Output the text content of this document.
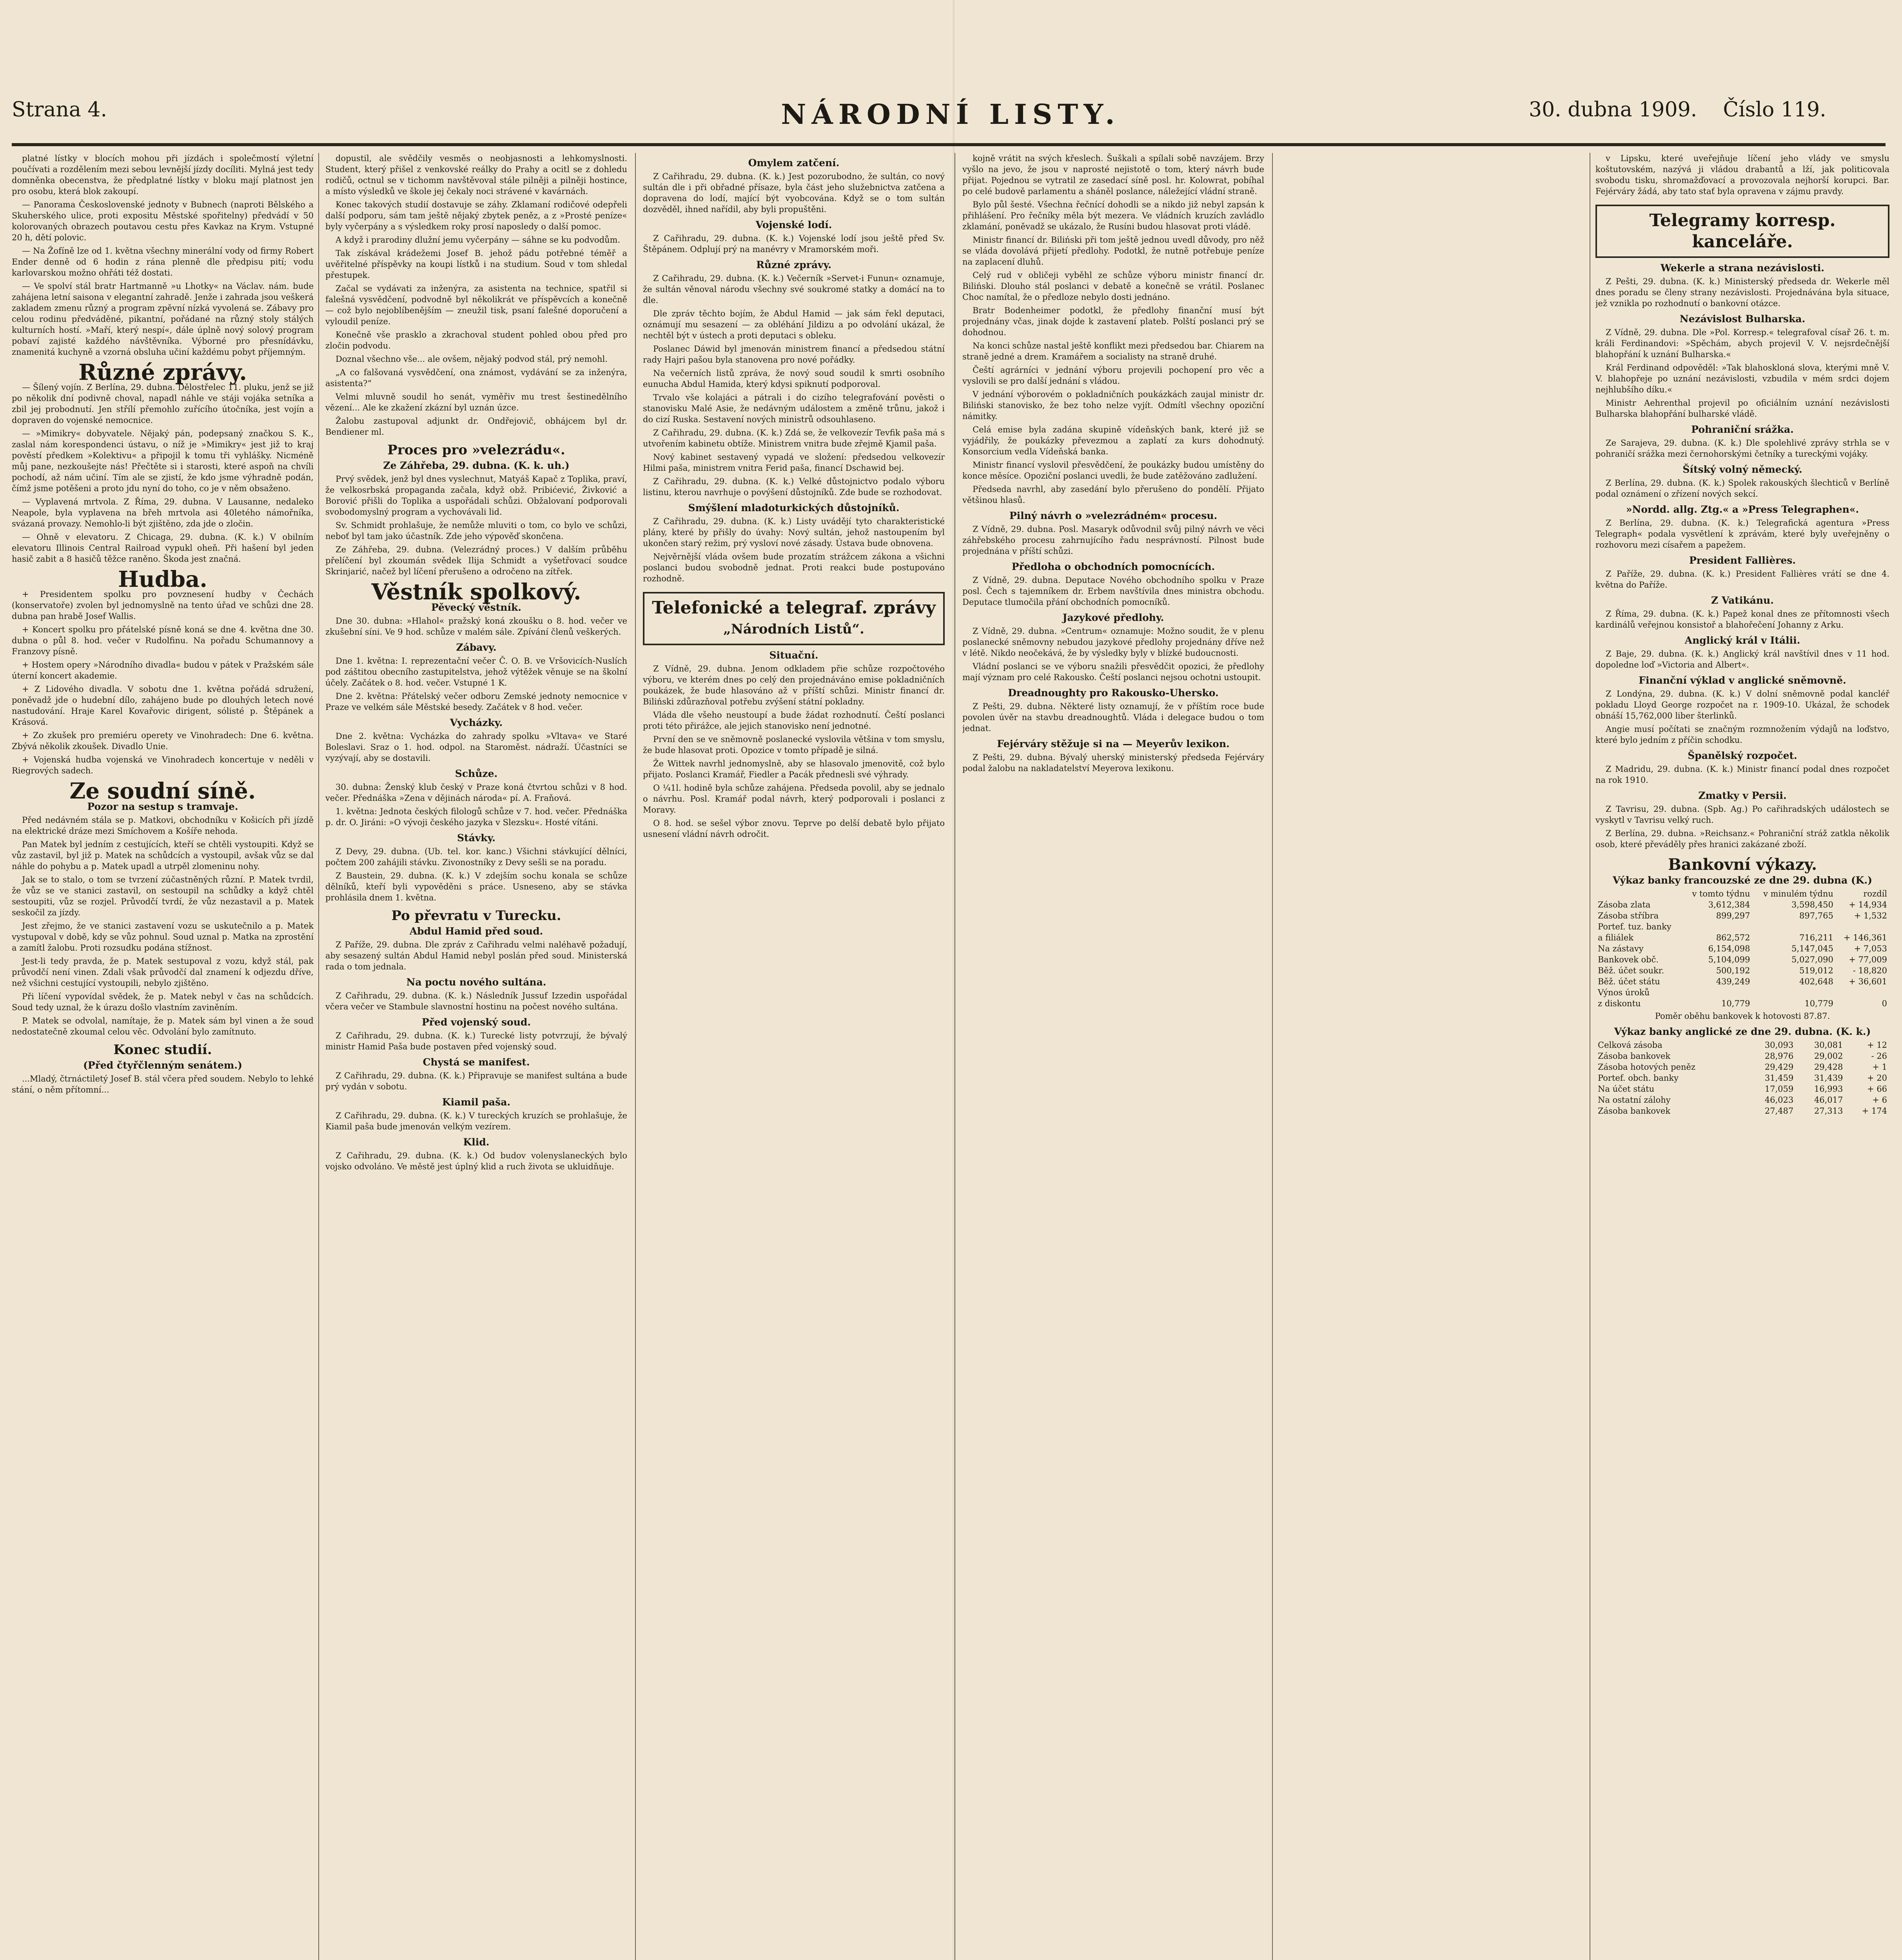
Strana 4.	NÁRODNÍ LISTY.	30. dubna 1909. Číslo 119.

platné lístky v blocích mohou při jízdách i společmostí výletní poučívati a rozdělením mezi sebou levnější jízdy docíliti. Mylná jest tedy domněnka obecenstva, že předplatné lístky v bloku mají platnost jen pro osobu, která blok zakoupí.

— Panorama Československé jednoty v Bubnech (naproti Bělského a Skuherského ulice, proti expositu Městské spořitelny) předvádí v 50 kolorovaných obrazech poutavou cestu přes Kavkaz na Krym. Vstupné 20 h, dětí polovic.

— Na Žofíně lze od 1. května všechny minerální vody od firmy Robert Ender denně od 6 hodin z rána plenně dle předpisu pití; vodu karlovarskou možno ohřáti též dostati.

— Ve spolví stál bratr Hartmanně »u Lhotky« na Václav. nám. bude zahájena letní saisona v elegantní zahradě. Jenže i zahrada jsou veškerá zakladem zmenu různý a program zpěvní nízká vyvolená se. Zábavy pro celou rodinu předváděné, pikantní, pořádané na různý stoly stálých kulturních hostí. »Maří, který nespí«, dále úplně nový solový program pobaví zajisté každého návštěvníka. Výborné pro přesnídávku, znamenitá kuchyně a vzorná obsluha učiní každému pobyt příjemným.

Různé zprávy.

— Šílený vojín. Z Berlína, 29. dubna. Dělostřelec 11. pluku, jenž se již po několik dní podivně choval, napadl náhle ve stáji vojáka setníka a zbil jej probodnutí. Jen střílí přemohlo zuřícího útočníka, jest vojín a dopraven do vojenské nemocnice.

— »Mimikry« dobyvatele. Nějaký pán, podepsaný značkou S. K., zaslal nám korespondenci ústavu, o níž je »Mimikry« jest již to kraj pověstí předkem »Kolektivu« a připojil k tomu tři vyhlášky. Nicméně můj pane, nezkoušejte nás! Přečtěte si i starosti, které aspoň na chvíli pochodí, až nám učiní. Tím ale se zjistí, že kdo jsme výhradně podán, čímž jsme potěšeni a proto jdu nyní do toho, co je v něm obsaženo.

— Vyplavená mrtvola. Z Říma, 29. dubna. V Lausanne, nedaleko Neapole, byla vyplavena na břeh mrtvola asi 40letého námořníka, svázaná provazy. Nemohlo-li být zjištěno, zda jde o zločin.

— Ohně v elevatoru. Z Chicaga, 29. dubna. (K. k.) V obilním elevatoru Illinois Central Railroad vypukl oheň. Při hašení byl jeden hasič zabit a 8 hasičů těžce raněno. Škoda jest značná.

Hudba.

+ Presidentem spolku pro povznesení hudby v Čechách (konservatoře) zvolen byl jednomyslně na tento úřad ve schůzi dne 28. dubna pan hrabě Josef Wallis.

+ Koncert spolku pro přátelské písně koná se dne 4. května dne 30. dubna o půl 8. hod. večer v Rudolfinu. Na pořadu Schumannovy a Franzovy písně.

+ Hostem opery »Národního divadla« budou v pátek v Pražském sále úterní koncert akademie.

+ Z Lidového divadla. V sobotu dne 1. května pořádá sdružení, poněvadž jde o hudební dílo, zahájeno bude po dlouhých letech nové nastudování. Hraje Karel Kovařovic dirigent, sólisté p. Štěpánek a Krásová.

+ Zo zkušek pro premiéru operety ve Vinohradech: Dne 6. května. Zbývá několik zkoušek. Divadlo Unie.

+ Vojenská hudba vojenská ve Vinohradech koncertuje v neděli v Riegrových sadech.

Ze soudní síně.
Pozor na sestup s tramvaje.

Před nedávném stála se p. Matkovi, obchodníku v Košicích při jízdě na elektrické dráze mezi Smíchovem a Košíře nehoda.

Pan Matek byl jedním z cestujících, kteří se chtěli vystoupiti. Když se vůz zastavil, byl již p. Matek na schůdcích a vystoupil, avšak vůz se dal náhle do pohybu a p. Matek upadl a utrpěl zlomeninu nohy.

Jak se to stalo, o tom se tvrzení zúčastněných různí. P. Matek tvrdil, že vůz se ve stanici zastavil, on sestoupil na schůdky a když chtěl sestoupiti, vůz se rozjel. Průvodčí tvrdí, že vůz nezastavil a p. Matek seskočil za jízdy.

Jest zřejmo, že ve stanici zastavení vozu se uskutečnilo a p. Matek vystupoval v době, kdy se vůz pohnul. Soud uznal p. Matka na zprostění a zamítl žalobu. Proti rozsudku podána stížnost.

Jest-li tedy pravda, že p. Matek sestupoval z vozu, když stál, pak průvodčí není vinen. Zdali však průvodčí dal znamení k odjezdu dříve, než všichni cestující vystoupili, nebylo zjištěno.

Při líčení vypovídal svědek, že p. Matek nebyl v čas na schůdcích. Soud tedy uznal, že k úrazu došlo vlastním zaviněním.

P. Matek se odvolal, namítaje, že p. Matek sám byl vinen a že soud nedostatečně zkoumal celou věc. Odvolání bylo zamítnuto.

Konec studií.
(Před čtyřčlenným senátem.)

...Mladý, čtrnáctiletý Josef B. stál včera před soudem. Nebylo to lehké stání, o něm přítomní...

dopustil, ale svědčily vesměs o neobjasnosti a lehkomyslnosti. Student, který přišel z venkovské reálky do Prahy a ocitl se z dohledu rodičů, octnul se v tichomm navštěvoval stále pilněji a pilněji hostince, a místo výsledků ve škole jej čekaly noci strávené v kavárnách.

Konec takových studií dostavuje se záhy. Zklamaní rodičové odepřeli další podporu, sám tam ještě nějaký zbytek peněz, a z »Prosté peníze« byly vyčerpány a s výsledkem roky prosí naposledy o další pomoc.

A když i prarodiny dlužní jemu vyčerpány — sáhne se ku podvodům.

Tak získával krádežemi Josef B. jehož pádu potřebné téměř a uvěřitelné příspěvky na koupi lístků i na studium. Soud v tom shledal přestupek.

Začal se vydávati za inženýra, za asistenta na technice, spatřil si falešná vysvědčení, podvodně byl několikrát ve příspěvcích a konečně — což bylo nejoblíbenějším — zneužil tisk, psaní falešné doporučení a vyloudil peníze.

Konečně vše prasklo a zkrachoval student pohled obou před pro zločin podvodu.

Doznal všechno vše... ale ovšem, nějaký podvod stál, prý nemohl.

„A co falšovaná vysvědčení, ona známost, vydávání se za inženýra, asistenta?“

Velmi mluvně soudil ho senát, vyměřiv mu trest šestinedělního vězení... Ale ke zkažení zkázní byl uznán úzce.

Žalobu zastupoval adjunkt dr. Ondřejovič, obhájcem byl dr. Bendiener ml.

Proces pro »velezrádu«.
Ze Záhřeba, 29. dubna. (K. k. uh.)

Prvý svědek, jenž byl dnes vyslechnut, Matyáš Kapač z Toplika, praví, že velkosrbská propaganda začala, když obž. Pribićević, Živković a Borović přišli do Toplika a uspořádali schůzi. Obžalovaní podporovali svobodomyslný program a vychovávali lid.

Sv. Schmidt prohlašuje, že nemůže mluviti o tom, co bylo ve schůzi, neboť byl tam jako účastník. Zde jeho výpověď skončena.

Ze Záhřeba, 29. dubna. (Velezrádný proces.) V dalším průběhu přelíčení byl zkoumán svědek Ilija Schmidt a vyšetřovací soudce Skrinjarić, načež byl líčení přerušeno a odročeno na zítřek.

Věstník spolkový.
Pěvecký věstník.

Dne 30. dubna: »Hlahol« pražský koná zkoušku o 8. hod. večer ve zkušební síni. Ve 9 hod. schůze v malém sále. Zpívání členů veškerých.

Zábavy.

Dne 1. května: I. reprezentační večer Č. O. B. ve Vršovicích-Nuslích pod záštitou obecního zastupitelstva, jehož výtěžek věnuje se na školní účely. Začátek o 8. hod. večer. Vstupné 1 K.

Dne 2. května: Přátelský večer odboru Zemské jednoty nemocnice v Praze ve velkém sále Městské besedy. Začátek v 8 hod. večer.

Vycházky.

Dne 2. května: Vycházka do zahrady spolku »Vltava« ve Staré Boleslavi. Sraz o 1. hod. odpol. na Staroměst. nádraží. Účastníci se vyzývají, aby se dostavili.

Schůze.

30. dubna: Ženský klub český v Praze koná čtvrtou schůzi v 8 hod. večer. Přednáška »Zena v dějinách národa« pí. A. Fraňová.

1. května: Jednota českých filologů schůze v 7. hod. večer. Přednáška p. dr. O. Jiráni: »O vývoji českého jazyka v Slezsku«. Hosté vítáni.

Stávky.

Z Devy, 29. dubna. (Ub. tel. kor. kanc.) Všichni stávkující dělníci, počtem 200 zahájili stávku. Zivonostníky z Devy sešli se na poradu.

Z Baustein, 29. dubna. (K. k.) V zdejším sochu konala se schůze dělníků, kteří byli vypověděni s práce. Usneseno, aby se stávka prohlásila dnem 1. května.

Po převratu v Turecku.
Abdul Hamid před soud.

Z Paříže, 29. dubna. Dle zpráv z Cařihradu velmi naléhavě požadují, aby sesazený sultán Abdul Hamid nebyl poslán před soud. Ministerská rada o tom jednala.

Na poctu nového sultána.

Z Cařihradu, 29. dubna. (K. k.) Následník Jussuf Izzedin uspořádal včera večer ve Stambule slavnostní hostinu na počest nového sultána.

Před vojenský soud.

Z Cařihradu, 29. dubna. (K. k.) Turecké listy potvrzují, že bývalý ministr Hamid Paša bude postaven před vojenský soud.

Chystá se manifest.

Z Cařihradu, 29. dubna. (K. k.) Připravuje se manifest sultána a bude prý vydán v sobotu.

Kiamil paša.

Z Cařihradu, 29. dubna. (K. k.) V tureckých kruzích se prohlašuje, že Kiamil paša bude jmenován velkým vezírem.

Klid.

Z Cařihradu, 29. dubna. (K. k.) Od budov volenyslaneckých bylo vojsko odvoláno. Ve městě jest úplný klid a ruch života se ukluidňuje.

Omylem zatčení.

Z Cařihradu, 29. dubna. (K. k.) Jest pozorubodno, že sultán, co nový sultán dle i při obřadné přísaze, byla část jeho služebnictva zatčena a dopravena do lodí, mající být vyobcována. Když se o tom sultán dozvěděl, ihned nařídil, aby byli propuštěni.

Vojenské lodí.

Z Cařihradu, 29. dubna. (K. k.) Vojenské lodí jsou ještě před Sv. Štěpánem. Odplují prý na manévry v Mramorském moři.

Různé zprávy.

Z Cařihradu, 29. dubna. (K. k.) Večerník »Servet-i Funun« oznamuje, že sultán věnoval národu všechny své soukromé statky a domácí na to dle.

Dle zpráv těchto bojím, že Abdul Hamid — jak sám řekl deputaci, oznámují mu sesazení — za obléhání Jildizu a po odvolání ukázal, že nechtěl být v ústech a proti deputaci s obleku.

Poslanec Dáwid byl jmenován ministrem financí a předsedou státní rady Hajri pašou byla stanovena pro nové pořádky.

Na večerních listů zpráva, že nový soud soudil k smrti osobního eunucha Abdul Hamida, který kdysi spiknutí podporoval.

Trvalo vše kolajáci a pátrali i do cizího telegrafování pověsti o stanovisku Malé Asie, že nedávným událostem a změně trůnu, jakož i do cizí Ruska. Sestavení nových ministrů odsouhlaseno.

Z Cařihradu, 29. dubna. (K. k.) Zdá se, že velkovezír Tevfik paša má s utvořením kabinetu obtíže. Ministrem vnitra bude zřejmě Kjamil paša.

Nový kabinet sestavený vypadá ve složení: předsedou velkovezír Hilmi paša, ministrem vnitra Ferid paša, financí Dschawid bej.

Z Cařihradu, 29. dubna. (K. k.) Velké důstojnictvo podalo výboru listinu, kterou navrhuje o povýšení důstojníků. Zde bude se rozhodovat.

Smýšlení mladoturkických důstojníků.

Z Cařihradu, 29. dubna. (K. k.) Listy uvádějí tyto charakteristické plány, které by přišly do úvahy: Nový sultán, jehož nastoupením byl ukončen starý režim, prý vysloví nové zásady. Ústava bude obnovena.

Nejvěrnější vláda ovšem bude prozatím strážcem zákona a všichni poslanci budou svobodně jednat. Proti reakci bude postupováno rozhodně.

Telefonické a telegraf. zprávy
„Národních Listů“.
Situační.

Z Vídně, 29. dubna. Jenom odkladem přie schůze rozpočtového výboru, ve kterém dnes po celý den projednáváno emise pokladničních poukázek, že bude hlasováno až v příští schůzi. Ministr financí dr. Biliński zdůrazňoval potřebu zvýšení státní pokladny.

Vláda dle všeho neustoupí a bude žádat rozhodnutí. Čeští poslanci proti této přirážce, ale jejich stanovisko není jednotné.

První den se ve sněmovně poslanecké vyslovila většina v tom smyslu, že bude hlasovat proti. Opozice v tomto případě je silná.

Že Wittek navrhl jednomyslně, aby se hlasovalo jmenovitě, což bylo přijato. Poslanci Kramář, Fiedler a Pacák přednesli své výhrady.

O ¼1l. hodině byla schůze zahájena. Předseda povolil, aby se jednalo o návrhu. Posl. Kramář podal návrh, který podporovali i poslanci z Moravy.

O 8. hod. se sešel výbor znovu. Teprve po delší debatě bylo přijato usnesení vládní návrh odročit.

kojně vrátit na svých křeslech. Šuškali a spílali sobě navzájem. Brzy vyšlo na jevo, že jsou v naprosté nejistotě o tom, který návrh bude přijat. Pojednou se vytratil ze zasedací síně posl. hr. Kolowrat, pobíhal po celé budově parlamentu a sháněl poslance, náležející vládní straně.

Bylo půl šesté. Všechna řečnící dohodli se a nikdo již nebyl zapsán k přihlášení. Pro řečníky měla být mezera. Ve vládních kruzích zavládlo zklamání, poněvadž se ukázalo, že Rusíni budou hlasovat proti vládě.

Ministr financí dr. Biliński při tom ještě jednou uvedl důvody, pro něž se vláda dovolává přijetí předlohy. Podotkl, že nutně potřebuje peníze na zaplacení dluhů.

Celý rud v obličeji vyběhl ze schůze výboru ministr financí dr. Biliński. Dlouho stál poslanci v debatě a konečně se vrátil. Poslanec Choc namítal, že o předloze nebylo dosti jednáno.

Bratr Bodenheimer podotkl, že předlohy finanční musí být projednány včas, jinak dojde k zastavení plateb. Polští poslanci prý se dohodnou.

Na konci schůze nastal ještě konflikt mezi předsedou bar. Chiarem na straně jedné a drem. Kramářem a socialisty na straně druhé.

Čeští agrárníci v jednání výboru projevili pochopení pro věc a vyslovili se pro další jednání s vládou.

V jednání výborovém o pokladničních poukázkách zaujal ministr dr. Biliński stanovisko, že bez toho nelze vyjít. Odmítl všechny opoziční námitky.

Celá emise byla zadána skupině vídeňských bank, které již se vyjádřily, že poukázky převezmou a zaplatí za kurs dohodnutý. Konsorcium vedla Vídeňská banka.

Ministr financí vyslovil přesvědčení, že poukázky budou umístěny do konce měsíce. Opoziční poslanci uvedli, že bude zatěžováno zadlužení.

Předseda navrhl, aby zasedání bylo přerušeno do pondělí. Přijato většinou hlasů.

Pilný návrh o »velezrádném« procesu.

Z Vídně, 29. dubna. Posl. Masaryk odůvodnil svůj pilný návrh ve věci záhřebského procesu zahrnujícího řadu nesprávností. Pilnost bude projednána v příští schůzi.

Předloha o obchodních pomocnících.

Z Vídně, 29. dubna. Deputace Nového obchodního spolku v Praze posl. Čech s tajemníkem dr. Erbem navštívila dnes ministra obchodu. Deputace tlumočila přání obchodních pomocníků.

Jazykové předlohy.

Z Vídně, 29. dubna. »Centrum« oznamuje: Možno soudit, že v plenu poslanecké sněmovny nebudou jazykové předlohy projednány dříve než v létě. Nikdo neočekává, že by výsledky byly v blízké budoucnosti.

Vládní poslanci se ve výboru snažili přesvědčit opozici, že předlohy mají význam pro celé Rakousko. Čeští poslanci nejsou ochotni ustoupit.

Dreadnoughty pro Rakousko-Uhersko.

Z Pešti, 29. dubna. Některé listy oznamují, že v příštím roce bude povolen úvěr na stavbu dreadnoughtů. Vláda i delegace budou o tom jednat.

Fejérváry stěžuje si na — Meyerův lexikon.

Z Pešti, 29. dubna. Bývalý uherský ministerský předseda Fejérváry podal žalobu na nakladatelství Meyerova lexikonu.

v Lipsku, které uveřejňuje líčení jeho vlády ve smyslu koštutovském, nazývá ji vládou drabantů a lží, jak politicovala svobodu tisku, shromažďovací a provozovala nejhorší korupci. Bar. Fejérváry žádá, aby tato stať byla opravena v zájmu pravdy.

Telegramy korresp. kanceláře.
Wekerle a strana nezávislosti.

Z Pešti, 29. dubna. (K. k.) Ministerský předseda dr. Wekerle měl dnes poradu se členy strany nezávislosti. Projednávána byla situace, jež vznikla po rozhodnutí o bankovní otázce.

Nezávislost Bulharska.

Z Vídně, 29. dubna. Dle »Pol. Korresp.« telegrafoval císař 26. t. m. králi Ferdinandovi: »Spěchám, abych projevil V. V. nejsrdečnější blahopřání k uznání Bulharska.«

Král Ferdinand odpověděl: »Tak blahoskloná slova, kterými mně V. V. blahopřeje po uznání nezávislosti, vzbudila v mém srdci dojem nejhlubšího díku.«

Ministr Aehrenthal projevil po oficiálním uznání nezávislosti Bulharska blahopřání bulharské vládě.

Pohraniční srážka.

Ze Sarajeva, 29. dubna. (K. k.) Dle spolehlivé zprávy strhla se v pohraničí srážka mezi černohorskými četníky a tureckými vojáky.

Šítský volný německý.

Z Berlína, 29. dubna. (K. k.) Spolek rakouských šlechticů v Berlíně podal oznámení o zřízení nových sekcí.

»Nordd. allg. Ztg.« a »Press Telegraphen«.

Z Berlína, 29. dubna. (K. k.) Telegrafická agentura »Press Telegraph« podala vysvětlení k zprávám, které byly uveřejněny o rozhovoru mezi císařem a papežem.

President Fallières.

Z Paříže, 29. dubna. (K. k.) President Fallières vrátí se dne 4. května do Paříže.

Z Vatikánu.

Z Říma, 29. dubna. (K. k.) Papež konal dnes ze přítomnosti všech kardinálů veřejnou konsistoř a blahořečení Johanny z Arku.

Anglický král v Itálii.

Z Baje, 29. dubna. (K. k.) Anglický král navštívil dnes v 11 hod. dopoledne loď »Victoria and Albert«.

Finanční výklad v anglické sněmovně.

Z Londýna, 29. dubna. (K. k.) V dolní sněmovně podal kancléř pokladu Lloyd George rozpočet na r. 1909-10. Ukázal, že schodek obnáší 15,762,000 liber šterlinků.

Angie musí počítati se značným rozmnožením výdajů na loďstvo, které bylo jedním z příčin schodku.

Španělský rozpočet.

Z Madridu, 29. dubna. (K. k.) Ministr financí podal dnes rozpočet na rok 1910.

Zmatky v Persii.

Z Tavrisu, 29. dubna. (Spb. Ag.) Po cařihradských událostech se vyskytl v Tavrisu velký ruch.

Z Berlína, 29. dubna. »Reichsanz.« Pohraniční stráž zatkla několik osob, které převáděly přes hranici zakázané zboží.

Bankovní výkazy.
Výkaz banky francouzské ze dne 29. dubna (K.)
	v tomto týdnu	v minulém týdnu	rozdíl
Zásoba zlata	3,612,384	3,598,450	+ 14,934
Zásoba stříbra	899,297	897,765	+ 1,532
Portef. tuz. banky			
a filiálek	862,572	716,211	+ 146,361
Na zástavy	6,154,098	5,147,045	+ 7,053
Bankovek obč.	5,104,099	5,027,090	+ 77,009
Běž. účet soukr.	500,192	519,012	- 18,820
Běž. účet státu	439,249	402,648	+ 36,601
Výnos úroků			
z diskontu	10,779	10,779	0
Poměr oběhu bankovek k hotovosti 87.87.
Výkaz banky anglické ze dne 29. dubna. (K. k.)
Celková zásoba	30,093	30,081	+ 12
Zásoba bankovek	28,976	29,002	- 26
Zásoba hotových peněz	29,429	29,428	+ 1
Portef. obch. banky	31,459	31,439	+ 20
Na účet státu	17,059	16,993	+ 66
Na ostatní zálohy	46,023	46,017	+ 6
Zásoba bankovek	27,487	27,313	+ 174
